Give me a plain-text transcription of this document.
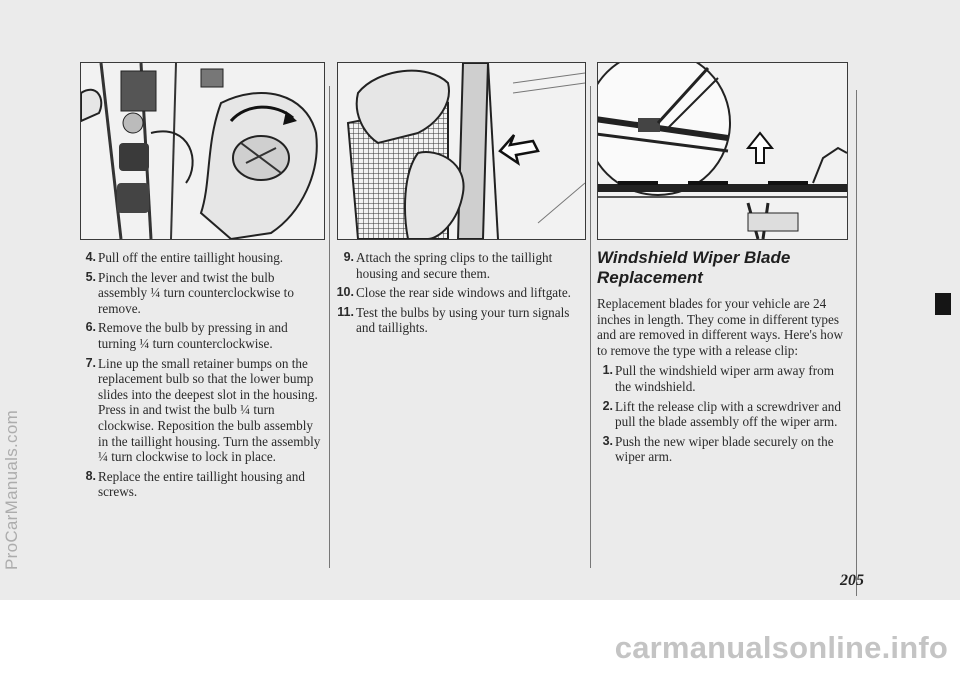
4 . Pull off the entire taillight housing.
5 . Pinch the lever and twist the bulb assembly ¼ turn counterclockwise to remove.
6 . Remove the bulb by pressing in and turning ¼ turn counterclockwise.
7 . Line up the small retainer bumps on the replacement bulb so that the lower bump slides into the deepest slot in the housing. Press in and twist the bulb ¼ turn clockwise. Reposition the bulb assembly in the taillight housing. Turn the assembly ¼ turn clockwise to lock in place.
8 . Replace the entire taillight housing and screws.
9 . Attach the spring clips to the taillight housing and secure them.
10 . Close the rear side windows and liftgate.
11 . Test the bulbs by using your turn signals and taillights.
Windshield Wiper Blade Replacement

Replacement blades for your vehicle are 24 inches in length. They come in different types and are removed in different ways. Here's how to remove the type with a release clip:

1 . Pull the windshield wiper arm away from the windshield.
2 . Lift the release clip with a screwdriver and pull the blade assembly off the wiper arm.
3 . Push the new wiper blade securely on the wiper arm.
205
carmanualsonline.info
